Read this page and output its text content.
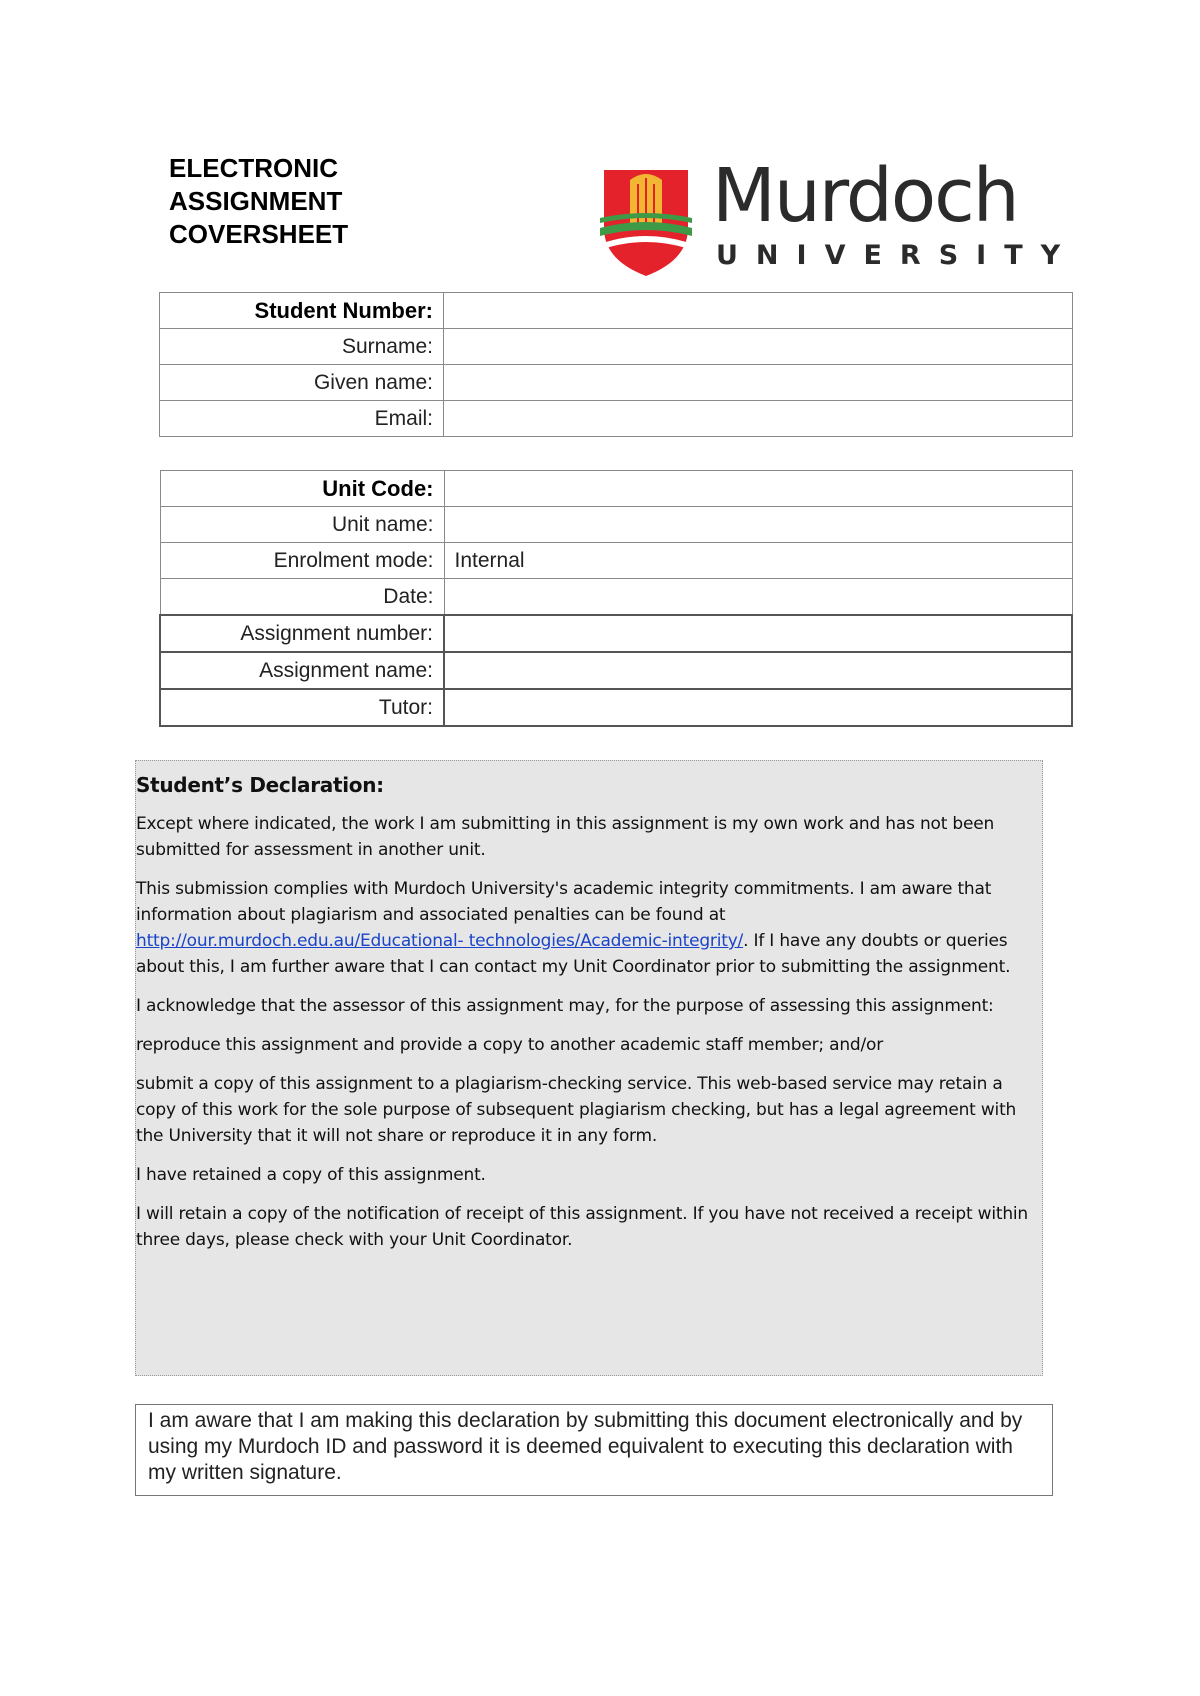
ELECTRONIC
ASSIGNMENT
COVERSHEET	Murdoch
UNIVERSITY
Student Number:	
Surname:	
Given name:	
Email:	
Unit Code:	
Unit name:	
Enrolment mode:	Internal
Date:	
Assignment number:	
Assignment name:	
Tutor:	
Student’s Declaration:

Except where indicated, the work I am submitting in this assignment is my own work and has not been submitted for assessment in another unit.

This submission complies with Murdoch University's academic integrity commitments. I am aware that information about plagiarism and associated penalties can be found at http://our.murdoch.edu.au/Educational- technologies/Academic-integrity/. If I have any doubts or queries about this, I am further aware that I can contact my Unit Coordinator prior to submitting the assignment.

I acknowledge that the assessor of this assignment may, for the purpose of assessing this assignment:

reproduce this assignment and provide a copy to another academic staff member; and/or

submit a copy of this assignment to a plagiarism-checking service. This web-based service may retain a copy of this work for the sole purpose of subsequent plagiarism checking, but has a legal agreement with the University that it will not share or reproduce it in any form.

I have retained a copy of this assignment.

I will retain a copy of the notification of receipt of this assignment. If you have not received a receipt within three days, please check with your Unit Coordinator.

I am aware that I am making this declaration by submitting this document electronically and by using my Murdoch ID and password it is deemed equivalent to executing this declaration with my written signature.
